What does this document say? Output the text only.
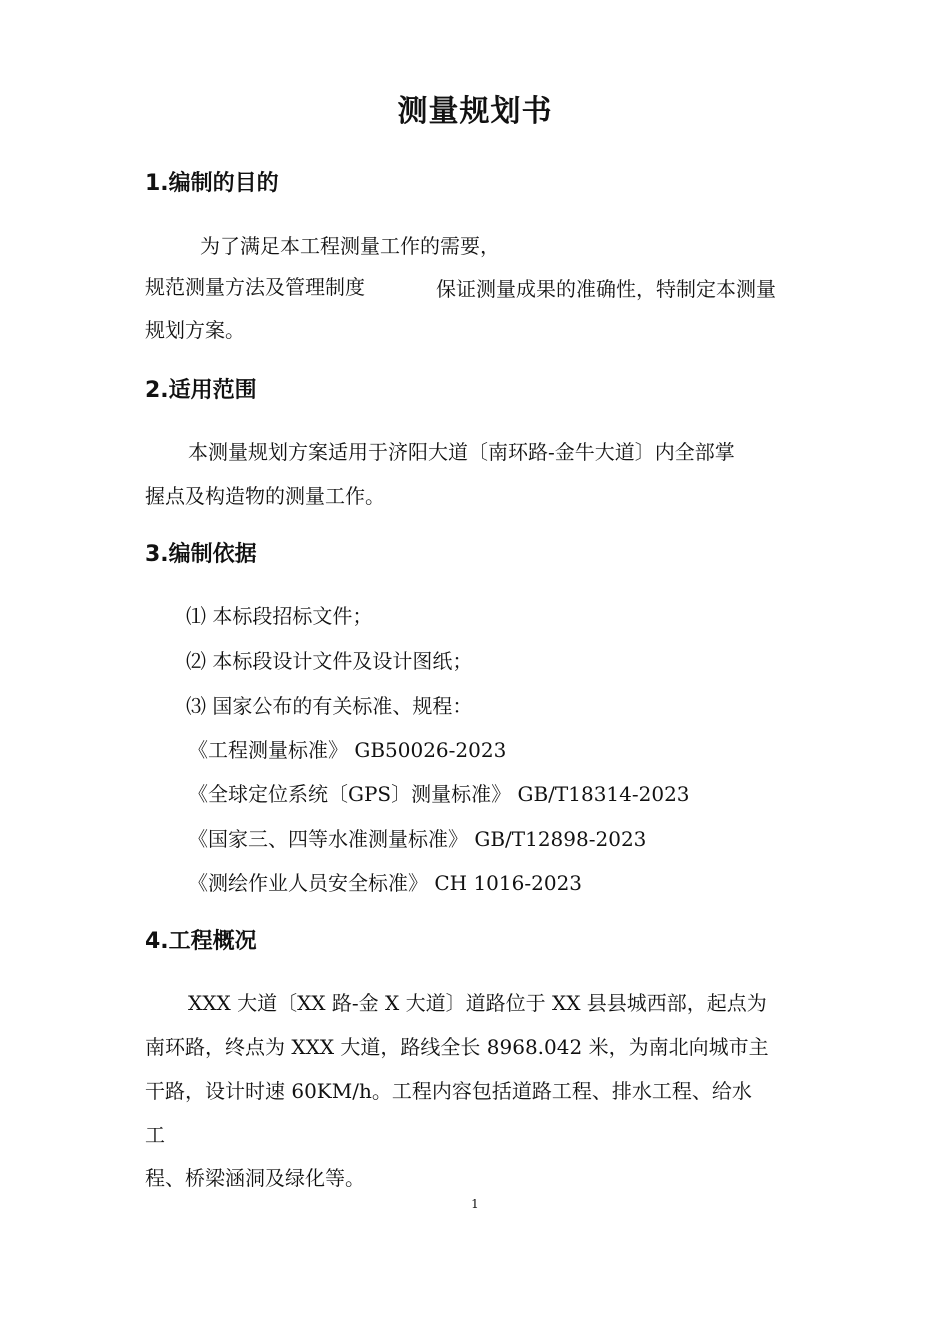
测量规划书
1.编制的目的
为了满足本工程测量工作的需要，
规范测量方法及管理制度	保证测量成果的准确性，特制定本测量
规划方案。
2.适用范围
本测量规划方案适用于济阳大道〔南环路-金牛大道〕内全部掌
握点及构造物的测量工作。
3.编制依据
⑴ 本标段招标文件；
⑵ 本标段设计文件及设计图纸；
⑶ 国家公布的有关标准、规程：
《工程测量标准》 GB50026-2023
《全球定位系统〔GPS〕测量标准》 GB/T18314-2023
《国家三、四等水准测量标准》 GB/T12898-2023
《测绘作业人员安全标准》 CH 1016-2023
4.工程概况
XXX 大道〔XX 路-金 X 大道〕道路位于 XX 县县城西部，起点为
南环路，终点为 XXX 大道，路线全长 8968.042 米，为南北向城市主
干路，设计时速 60KM/h。工程内容包括道路工程、排水工程、给水
工
程、桥梁涵洞及绿化等。
1
